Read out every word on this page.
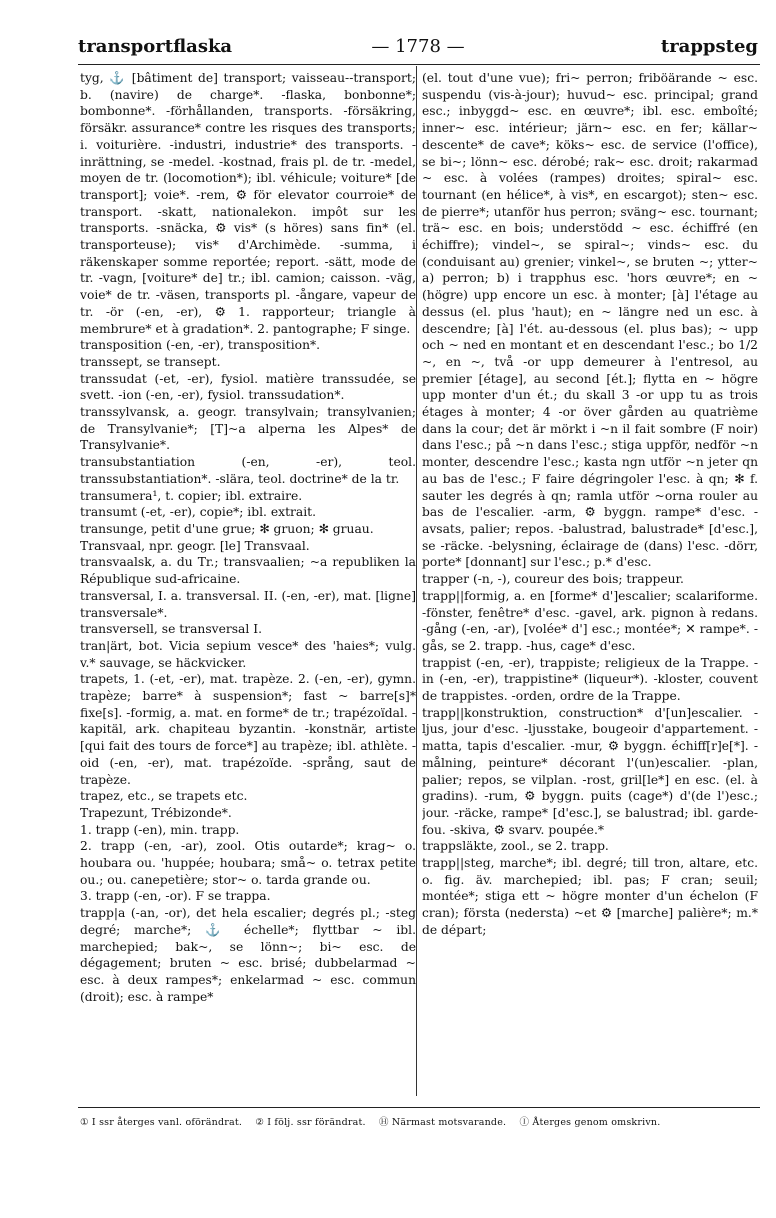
transportflaska	— 1778 —	trappsteg

tyg, ⚓ [bâtiment de] transport; vaisseau--transport; b. (navire) de charge*. -flaska, bonbonne*; bombonne*. -förhållanden, transports. -försäkring, försäkr. assurance* contre les risques des transports; i. voiturière. -industri, industrie* des transports. -inrättning, se -medel. -kostnad, frais pl. de tr. -medel, moyen de tr. (locomotion*); ibl. véhicule; voiture* [de transport]; voie*. -rem, ⚙ för elevator courroie* de transport. -skatt, nationalekon. impôt sur les transports. -snäcka, ⚙ vis* (s höres) sans fin* (el. transporteuse); vis* d'Archimède. -summa, i räkenskaper somme reportée; report. -sätt, mode de tr. -vagn, [voiture* de] tr.; ibl. camion; caisson. -väg, voie* de tr. -väsen, transports pl. -ångare, vapeur de tr. -ör (-en, -er), ⚙ 1. rapporteur; triangle à membrure* et à gradation*. 2. pantographe; F singe.

transposition (-en, -er), transposition*.

transsept, se transept.

transsudat (-et, -er), fysiol. matière transsudée, se svett. -ion (-en, -er), fysiol. transsudation*.

transsylvansk, a. geogr. transylvain; transylvanien; de Transylvanie*; [T]~a alperna les Alpes* de Transylvanie*.

transubstantiation (-en, -er), teol. transsubstantiation*. -slära, teol. doctrine* de la tr.

transumera¹, t. copier; ibl. extraire.

transumt (-et, -er), copie*; ibl. extrait.

transunge, petit d'une grue; ✻ gruon; ✻ gruau.

Transvaal, npr. geogr. [le] Transvaal.

transvaalsk, a. du Tr.; transvaalien; ~a republiken la République sud-africaine.

transversal, I. a. transversal. II. (-en, -er), mat. [ligne] transversale*.

transversell, se transversal I.

tran|ärt, bot. Vicia sepium vesce* des 'haies*; vulg. v.* sauvage, se häckvicker.

trapets, 1. (-et, -er), mat. trapèze. 2. (-en, -er), gymn. trapèze; barre* à suspension*; fast ~ barre[s]* fixe[s]. -formig, a. mat. en forme* de tr.; trapézoïdal. -kapitäl, ark. chapiteau byzantin. -konstnär, artiste [qui fait des tours de force*] au trapèze; ibl. athlète. -oid (-en, -er), mat. trapézoïde. -språng, saut de trapèze.

trapez, etc., se trapets etc.

Trapezunt, Trébizonde*.

1. trapp (-en), min. trapp.

2. trapp (-en, -ar), zool. Otis outarde*; krag~ o. houbara ou. 'huppée; houbara; små~ o. tetrax petite ou.; ou. canepetière; stor~ o. tarda grande ou.

3. trapp (-en, -or). F se trappa.

trapp|a (-an, -or), det hela escalier; degrés pl.; -steg degré; marche*; ⚓ échelle*; flyttbar ~ ibl. marchepied; bak~, se lönn~; bi~ esc. de dégagement; bruten ~ esc. brisé; dubbelarmad ~ esc. à deux rampes*; enkelarmad ~ esc. commun (droit); esc. à rampe*

(el. tout d'une vue); fri~ perron; friböärande ~ esc. suspendu (vis-à-jour); huvud~ esc. principal; grand esc.; inbyggd~ esc. en œuvre*; ibl. esc. emboîté; inner~ esc. intérieur; järn~ esc. en fer; källar~ descente* de cave*; köks~ esc. de service (l'office), se bi~; lönn~ esc. dérobé; rak~ esc. droit; rakarmad ~ esc. à volées (rampes) droites; spiral~ esc. tournant (en hélice*, à vis*, en escargot); sten~ esc. de pierre*; utanför hus perron; sväng~ esc. tournant; trä~ esc. en bois; understödd ~ esc. échiffré (en échiffre); vindel~, se spiral~; vinds~ esc. du (conduisant au) grenier; vinkel~, se bruten ~; ytter~ a) perron; b) i trapphus esc. 'hors œuvre*; en ~ (högre) upp encore un esc. à monter; [à] l'étage au dessus (el. plus 'haut); en ~ längre ned un esc. à descendre; [à] l'ét. au-dessous (el. plus bas); ~ upp och ~ ned en montant et en descendant l'esc.; bo 1/2 ~, en ~, två -or upp demeurer à l'entresol, au premier [étage], au second [ét.]; flytta en ~ högre upp monter d'un ét.; du skall 3 -or upp tu as trois étages à monter; 4 -or över gården au quatrième dans la cour; det är mörkt i ~n il fait sombre (F noir) dans l'esc.; på ~n dans l'esc.; stiga uppför, nedför ~n monter, descendre l'esc.; kasta ngn utför ~n jeter qn au bas de l'esc.; F faire dégringoler l'esc. à qn; ✻ f. sauter les degrés à qn; ramla utför ~orna rouler au bas de l'escalier. -arm, ⚙ byggn. rampe* d'esc. -avsats, palier; repos. -balustrad, balustrade* [d'esc.], se -räcke. -belysning, éclairage de (dans) l'esc. -dörr, porte* [donnant] sur l'esc.; p.* d'esc.

trapper (-n, -), coureur des bois; trappeur.

trapp||formig, a. en [forme* d']escalier; scalariforme. -fönster, fenêtre* d'esc. -gavel, ark. pignon à redans. -gång (-en, -ar), [volée* d'] esc.; montée*; ✕ rampe*. -gås, se 2. trapp. -hus, cage* d'esc.

trappist (-en, -er), trappiste; religieux de la Trappe. -in (-en, -er), trappistine* (liqueur*). -kloster, couvent de trappistes. -orden, ordre de la Trappe.

trapp||konstruktion, construction* d'[un]escalier. -ljus, jour d'esc. -ljusstake, bougeoir d'appartement. -matta, tapis d'escalier. -mur, ⚙ byggn. échiff[r]e[*]. -målning, peinture* décorant l'(un)escalier. -plan, palier; repos, se vilplan. -rost, gril[le*] en esc. (el. à gradins). -rum, ⚙ byggn. puits (cage*) d'(de l')esc.; jour. -räcke, rampe* [d'esc.], se balustrad; ibl. garde-fou. -skiva, ⚙ svarv. poupée.*

trappsläkte, zool., se 2. trapp.

trapp||steg, marche*; ibl. degré; till tron, altare, etc. o. fig. äv. marchepied; ibl. pas; F cran; seuil; montée*; stiga ett ~ högre monter d'un échelon (F cran); första (nedersta) ~et ⚙ [marche] palière*; m.* de départ;

① I ssr återges vanl. oförändrat. ② I följ. ssr förändrat. Ⓗ Närmast motsvarande. Ⓘ Återges genom omskrivn.
